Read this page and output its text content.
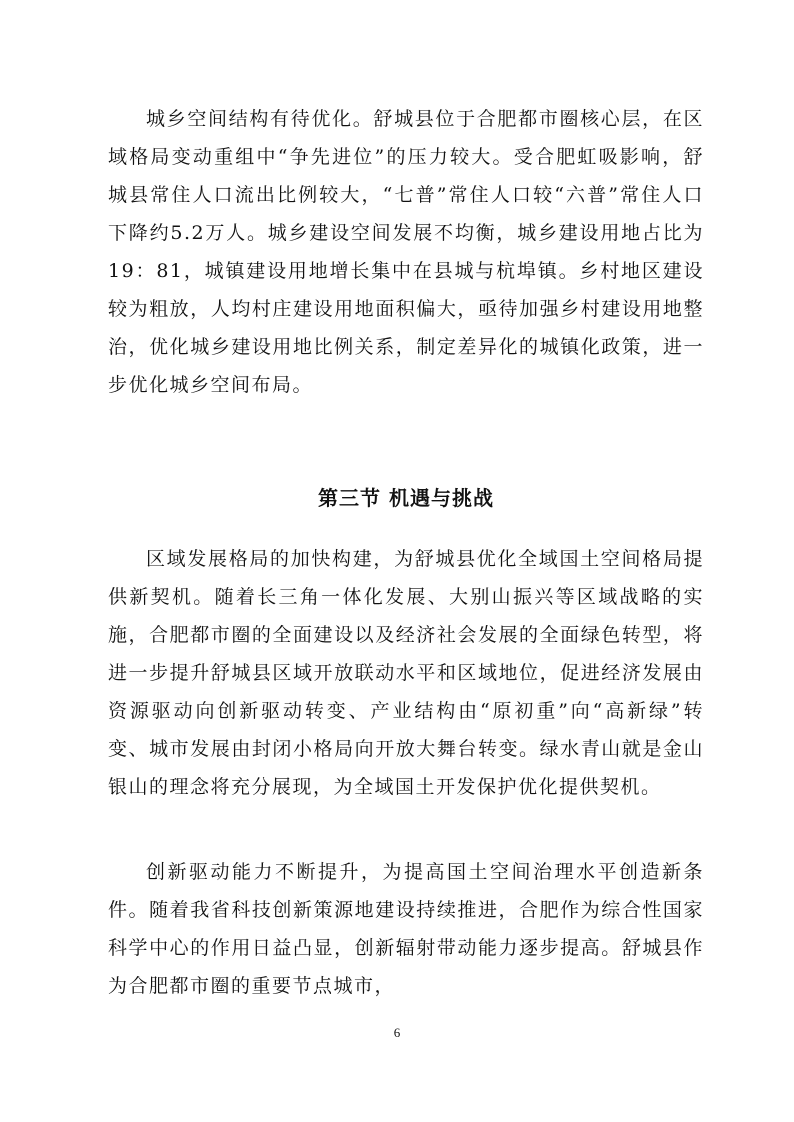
城乡空间结构有待优化。舒城县位于合肥都市圈核心层，在区域格局变动重组中“争先进位”的压力较大。受合肥虹吸影响，舒城县常住人口流出比例较大，“七普”常住人口较“六普”常住人口下降约5.2万人。城乡建设空间发展不均衡，城乡建设用地占比为 19：81，城镇建设用地增长集中在县城与杭埠镇。乡村地区建设较为粗放，人均村庄建设用地面积偏大，亟待加强乡村建设用地整治，优化城乡建设用地比例关系，制定差异化的城镇化政策，进一步优化城乡空间布局。

第三节 机遇与挑战

区域发展格局的加快构建，为舒城县优化全域国土空间格局提供新契机。随着长三角一体化发展、大别山振兴等区域战略的实施，合肥都市圈的全面建设以及经济社会发展的全面绿色转型，将进一步提升舒城县区域开放联动水平和区域地位，促进经济发展由资源驱动向创新驱动转变、产业结构由“原初重”向“高新绿”转变、城市发展由封闭小格局向开放大舞台转变。绿水青山就是金山银山的理念将充分展现，为全域国土开发保护优化提供契机。

创新驱动能力不断提升，为提高国土空间治理水平创造新条件。随着我省科技创新策源地建设持续推进，合肥作为综合性国家科学中心的作用日益凸显，创新辐射带动能力逐步提高。舒城县作为合肥都市圈的重要节点城市，

6
